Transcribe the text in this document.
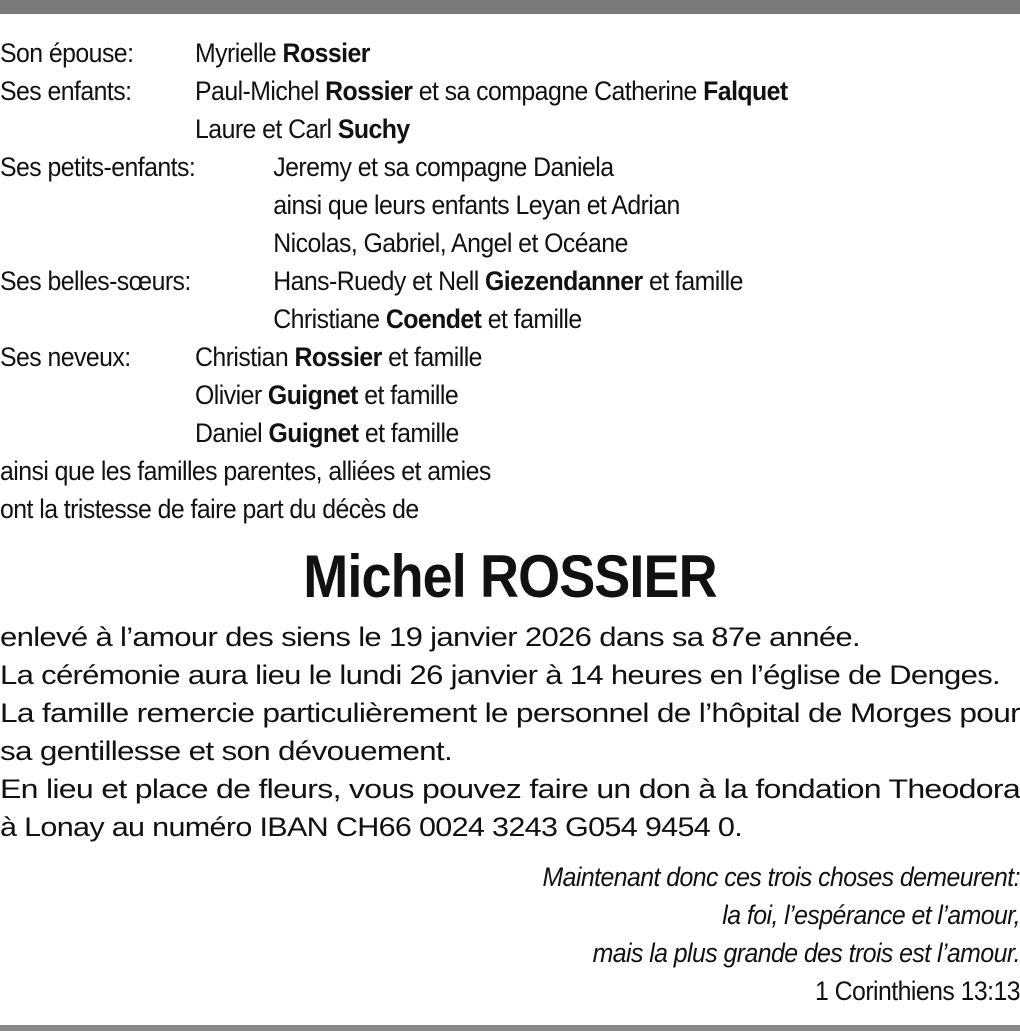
Son épouse: Myrielle Rossier
Ses enfants: Paul-Michel Rossier et sa compagne Catherine Falquet
Laure et Carl Suchy
Ses petits-enfants:	Jeremy et sa compagne Daniela
ainsi que leurs enfants Leyan et Adrian
Nicolas, Gabriel, Angel et Océane
Ses belles-sœurs:	Hans-Ruedy et Nell Giezendanner et famille
Christiane Coendet et famille
Ses neveux: Christian Rossier et famille
Olivier Guignet et famille
Daniel Guignet et famille
ainsi que les familles parentes, alliées et amies
ont la tristesse de faire part du décès de
Michel ROSSIER
enlevé à l’amour des siens le 19 janvier 2026 dans sa 87e année.
La cérémonie aura lieu le lundi 26 janvier à 14 heures en l’église de Denges.
La famille remercie particulièrement le personnel de l’hôpital de Morges pour
sa gentillesse et son dévouement.
En lieu et place de fleurs, vous pouvez faire un don à la fondation Theodora
à Lonay au numéro IBAN CH66 0024 3243 G054 9454 0.
Maintenant donc ces trois choses demeurent:
la foi, l’espérance et l’amour,
mais la plus grande des trois est l’amour.
1 Corinthiens 13:13
